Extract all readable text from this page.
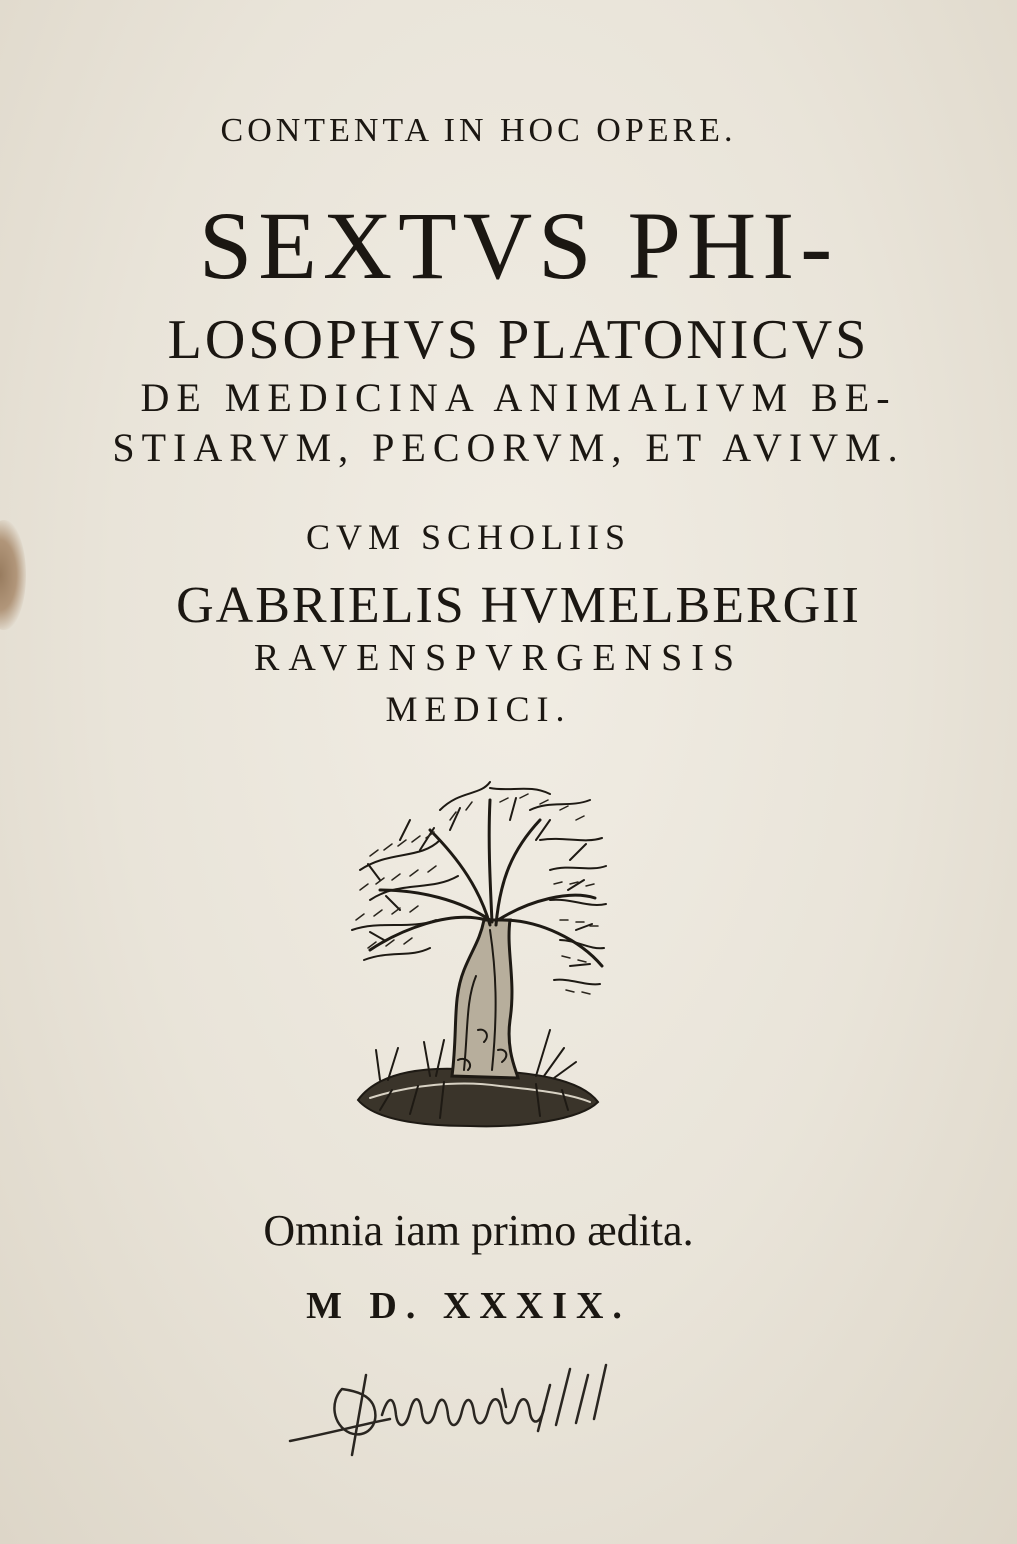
CONTENTA IN HOC OPERE.
SEXTVS PHI-
LOSOPHVS PLATONICVS
DE MEDICINA ANIMALIVM BE-
STIARVM, PECORVM, ET AVIVM.
CVM SCHOLIIS
GABRIELIS HVMELBERGII
RAVENSPVRGENSIS
MEDICI.
Omnia iam primo ædita.
M D. XXXIX.
